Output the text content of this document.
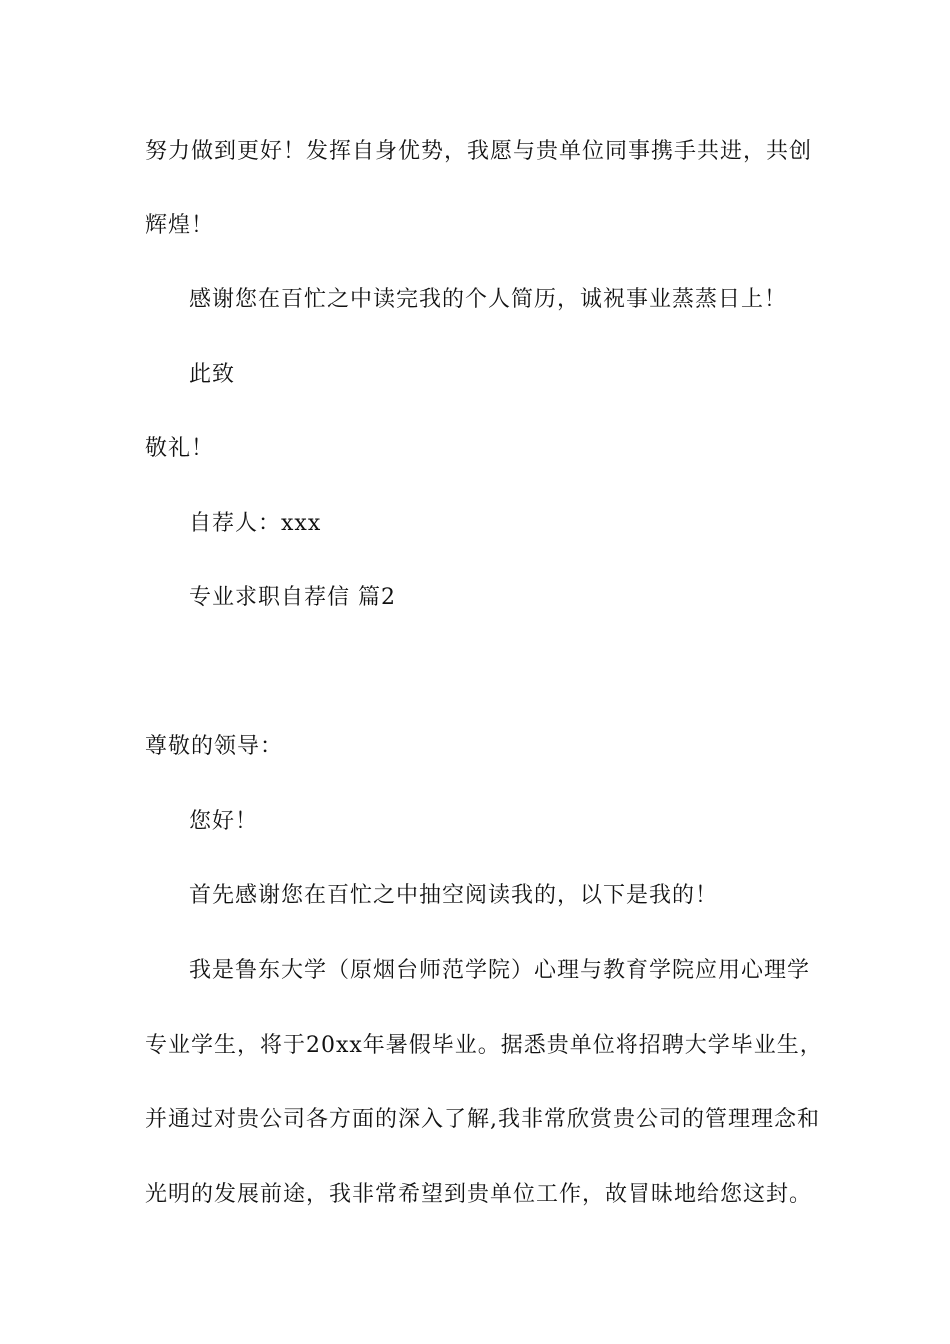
努力做到更好！发挥自身优势，我愿与贵单位同事携手共进，共创
辉煌！
感谢您在百忙之中读完我的个人简历，诚祝事业蒸蒸日上！
此致
敬礼！
自荐人：xxx
专业求职自荐信 篇2
尊敬的领导：
您好！
首先感谢您在百忙之中抽空阅读我的，以下是我的！
我是鲁东大学（原烟台师范学院）心理与教育学院应用心理学
专业学生，将于20xx年暑假毕业。据悉贵单位将招聘大学毕业生，
并通过对贵公司各方面的深入了解,我非常欣赏贵公司的管理理念和
光明的发展前途，我非常希望到贵单位工作，故冒昧地给您这封。
